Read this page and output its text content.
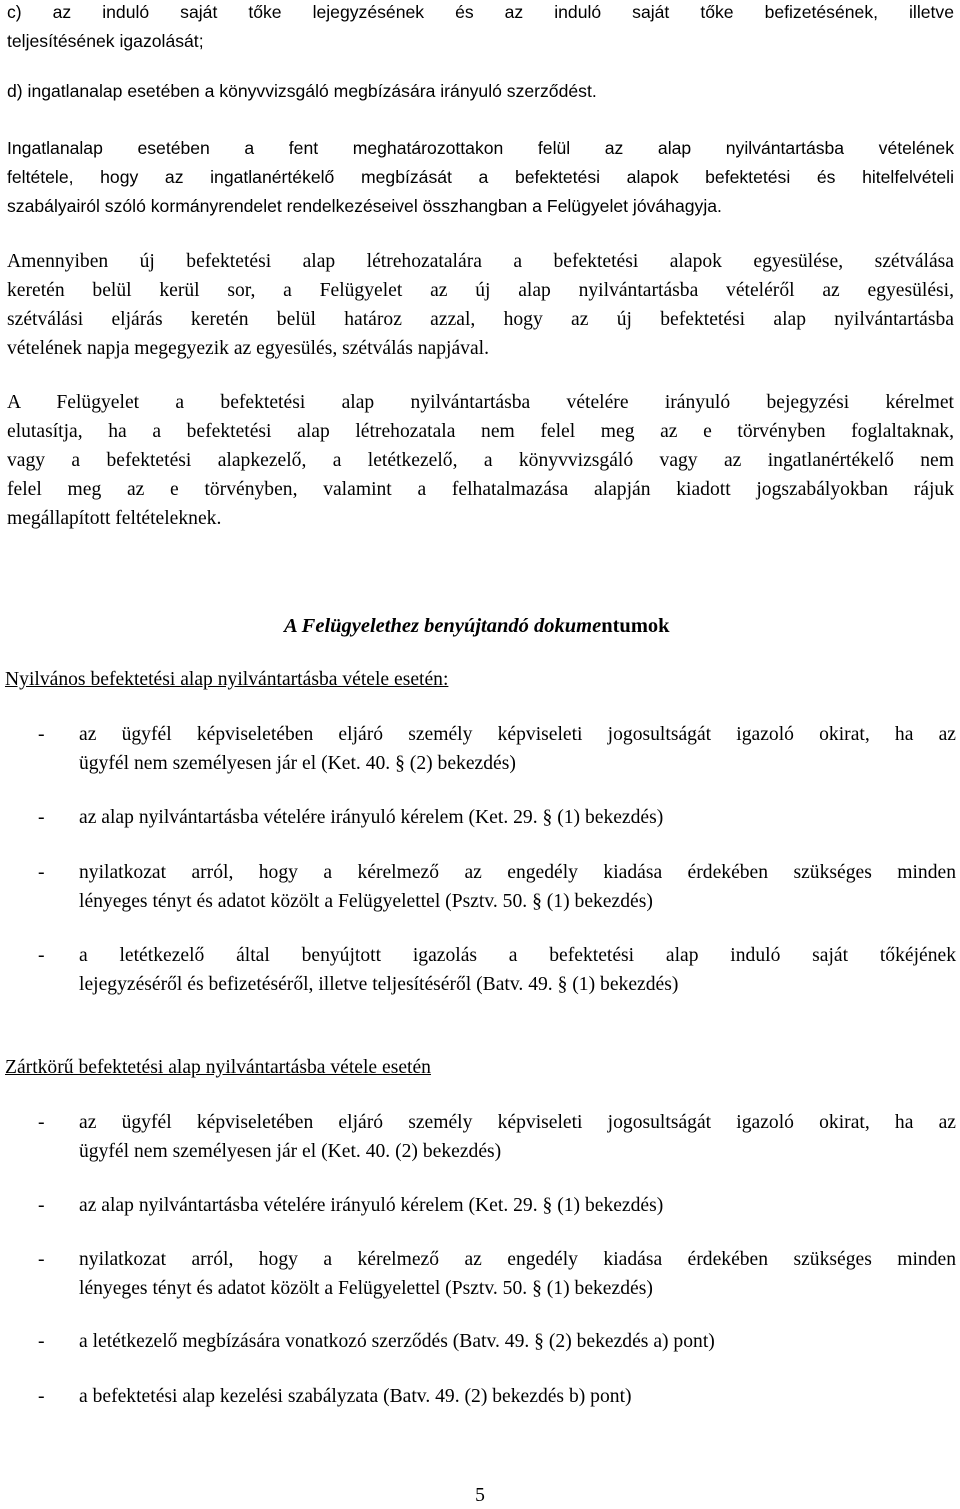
c) az induló saját tőke lejegyzésének és az induló saját tőke befizetésének, illetve
teljesítésének igazolását;
d) ingatlanalap esetében a könyvvizsgáló megbízására irányuló szerződést.
Ingatlanalap esetében a fent meghatározottakon felül az alap nyilvántartásba vételének
feltétele, hogy az ingatlanértékelő megbízását a befektetési alapok befektetési és hitelfelvételi
szabályairól szóló kormányrendelet rendelkezéseivel összhangban a Felügyelet jóváhagyja.
Amennyiben új befektetési alap létrehozatalára a befektetési alapok egyesülése, szétválása
keretén belül kerül sor, a Felügyelet az új alap nyilvántartásba vételéről az egyesülési,
szétválási eljárás keretén belül határoz azzal, hogy az új befektetési alap nyilvántartásba
vételének napja megegyezik az egyesülés, szétválás napjával.
A Felügyelet a befektetési alap nyilvántartásba vételére irányuló bejegyzési kérelmet
elutasítja, ha a befektetési alap létrehozatala nem felel meg az e törvényben foglaltaknak,
vagy a befektetési alapkezelő, a letétkezelő, a könyvvizsgáló vagy az ingatlanértékelő nem
felel meg az e törvényben, valamint a felhatalmazása alapján kiadott jogszabályokban rájuk
megállapított feltételeknek.
A Felügyelethez benyújtandó dokumentumok
Nyilvános befektetési alap nyilvántartásba vétele esetén:
-	az ügyfél képviseletében eljáró személy képviseleti jogosultságát igazoló okirat, ha az
ügyfél nem személyesen jár el (Ket. 40. § (2) bekezdés)
-	az alap nyilvántartásba vételére irányuló kérelem (Ket. 29. § (1) bekezdés)
-	nyilatkozat arról, hogy a kérelmező az engedély kiadása érdekében szükséges minden
lényeges tényt és adatot közölt a Felügyelettel (Psztv. 50. § (1) bekezdés)
-	a letétkezelő által benyújtott igazolás a befektetési alap induló saját tőkéjének
lejegyzéséről és befizetéséről, illetve teljesítéséről (Batv. 49. § (1) bekezdés)
Zártkörű befektetési alap nyilvántartásba vétele esetén
-	az ügyfél képviseletében eljáró személy képviseleti jogosultságát igazoló okirat, ha az
ügyfél nem személyesen jár el (Ket. 40. (2) bekezdés)
-	az alap nyilvántartásba vételére irányuló kérelem (Ket. 29. § (1) bekezdés)
-	nyilatkozat arról, hogy a kérelmező az engedély kiadása érdekében szükséges minden
lényeges tényt és adatot közölt a Felügyelettel (Psztv. 50. § (1) bekezdés)
-	a letétkezelő megbízására vonatkozó szerződés (Batv. 49. § (2) bekezdés a) pont)
-	a befektetési alap kezelési szabályzata (Batv. 49. (2) bekezdés b) pont)
5
